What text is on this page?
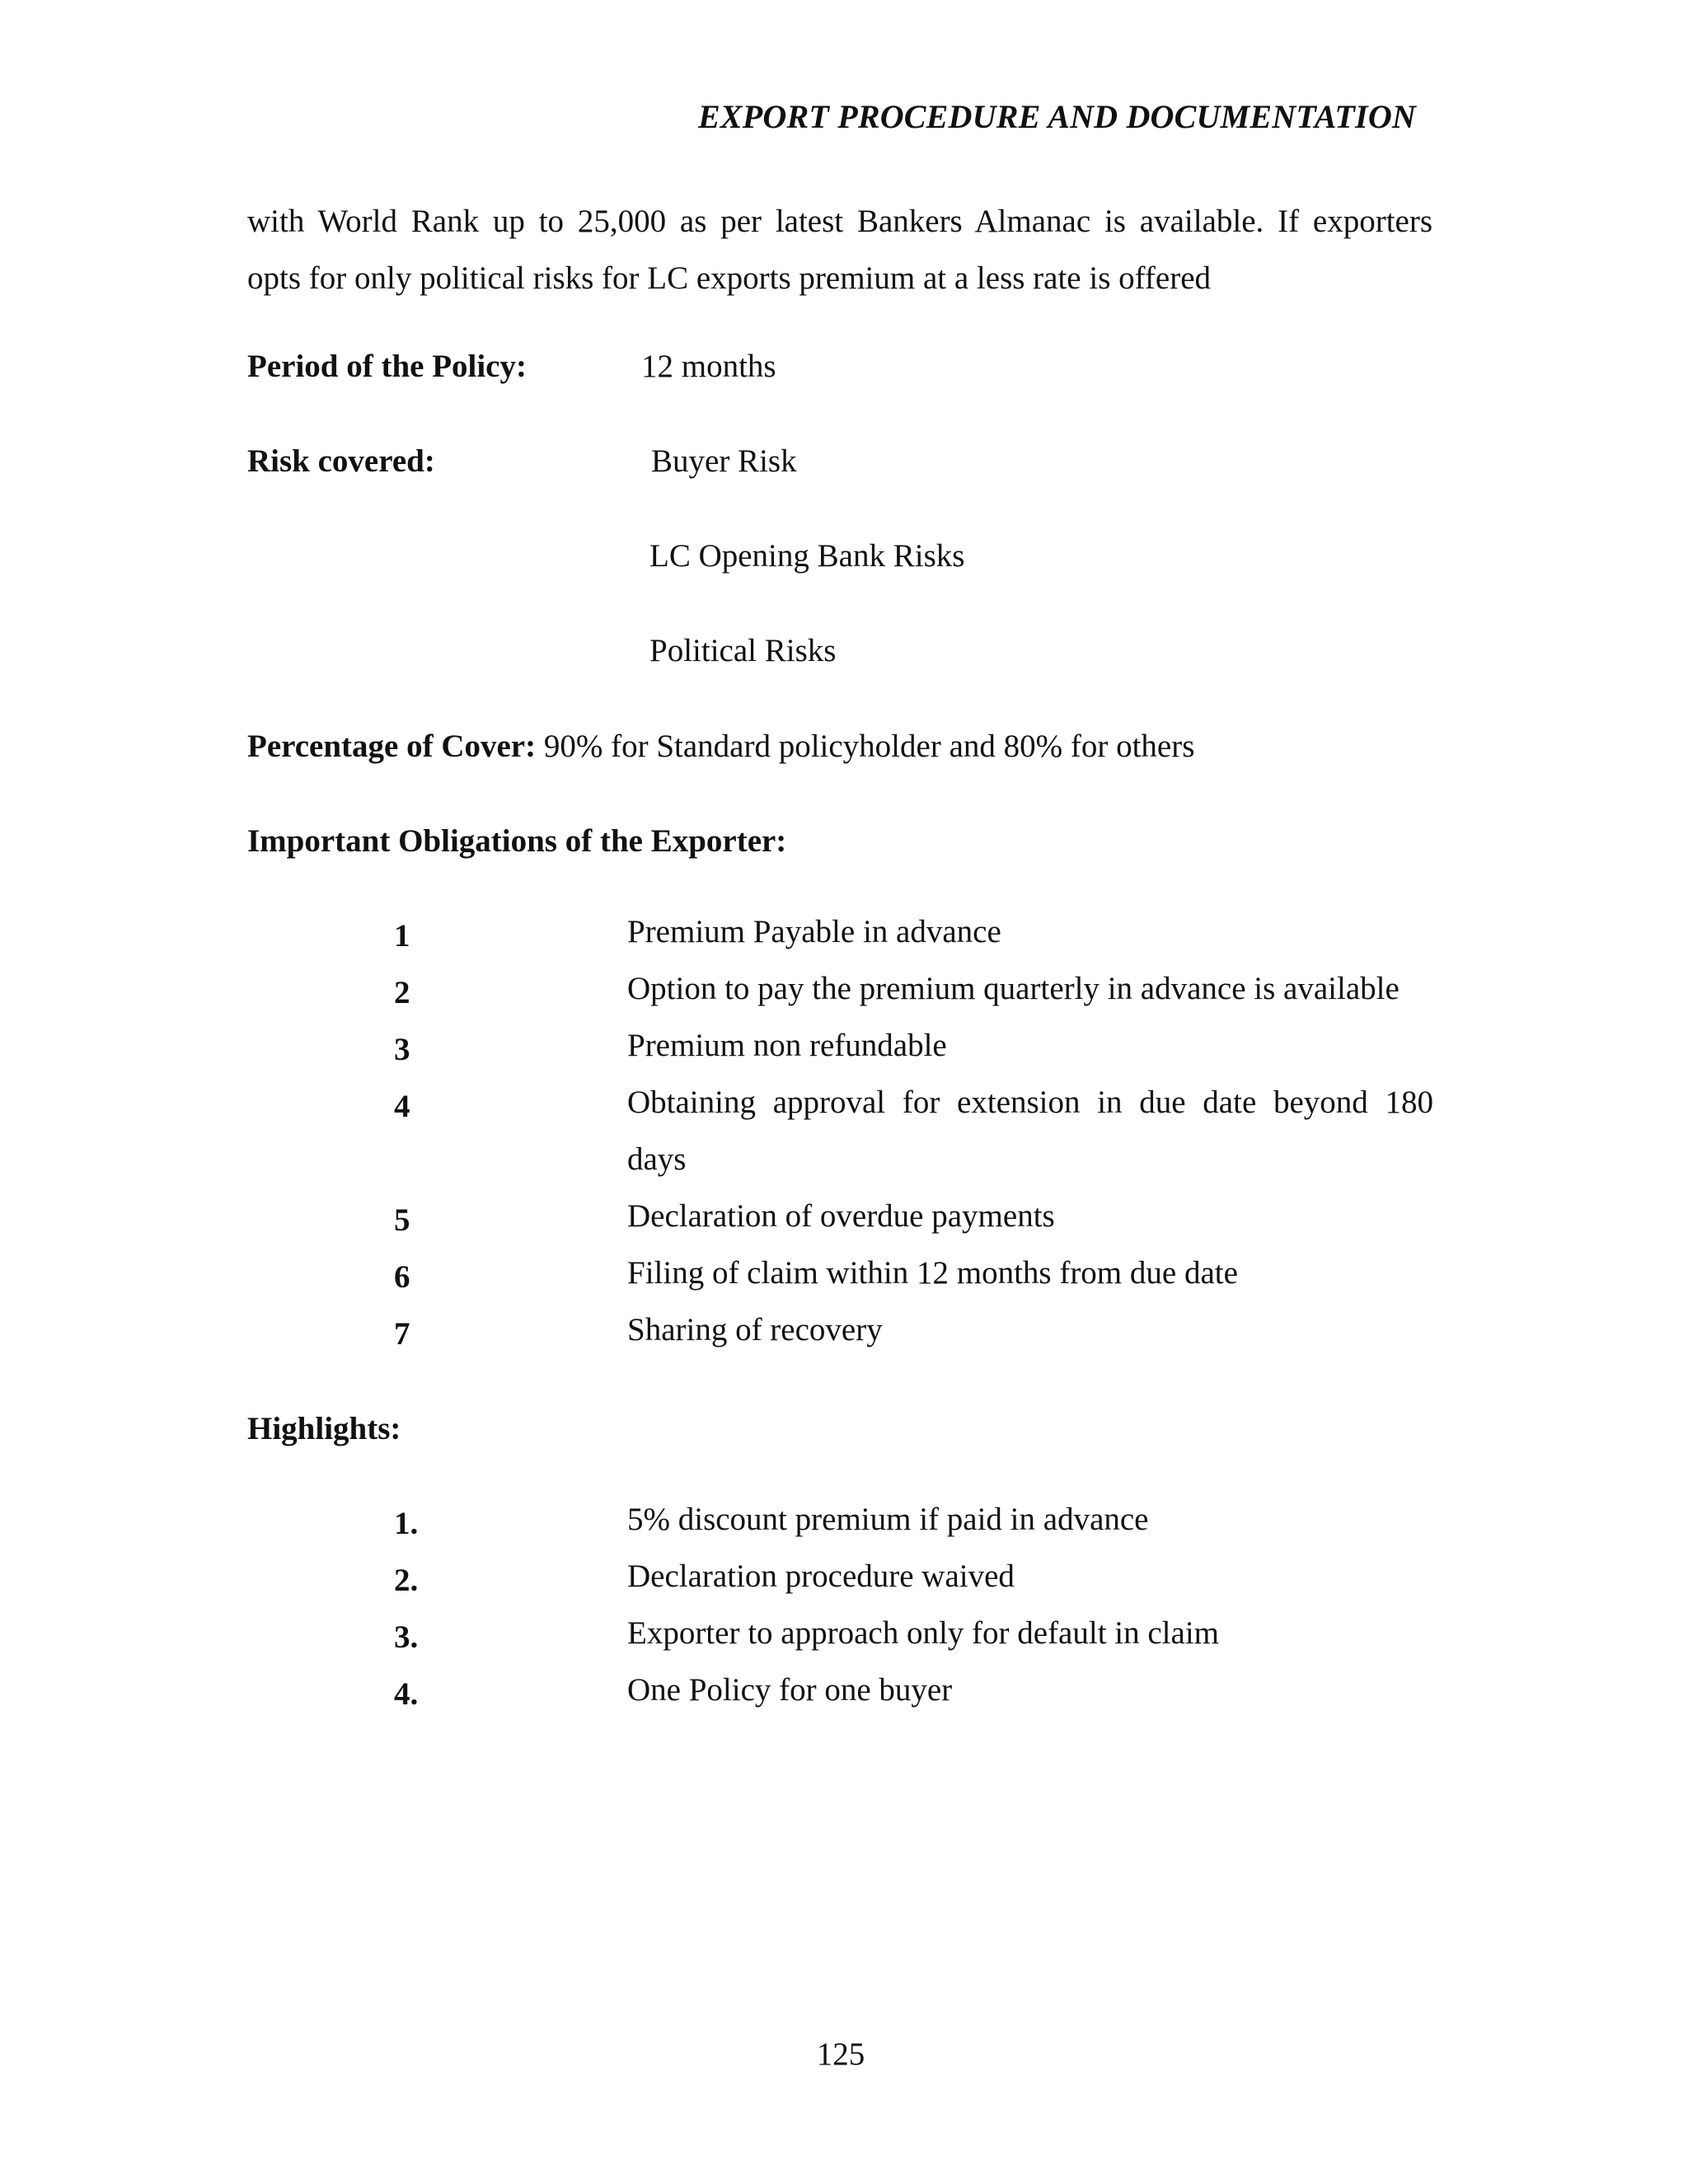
EXPORT PROCEDURE AND DOCUMENTATION
with World Rank up to 25,000 as per latest Bankers Almanac is available. If exporters
opts for only political risks for LC exports premium at a less rate is offered
Period of the Policy:	12 months
Risk covered:	Buyer Risk
LC Opening Bank Risks
Political Risks
Percentage of Cover: 90% for Standard policyholder and 80% for others
Important Obligations of the Exporter:
1	Premium Payable in advance
2	Option to pay the premium quarterly in advance is available
3	Premium non refundable
4	Obtaining approval for extension in due date beyond 180
days
5	Declaration of overdue payments
6	Filing of claim within 12 months from due date
7	Sharing of recovery
Highlights:
1.	5% discount premium if paid in advance
2.	Declaration procedure waived
3.	Exporter to approach only for default in claim
4.	One Policy for one buyer
125
